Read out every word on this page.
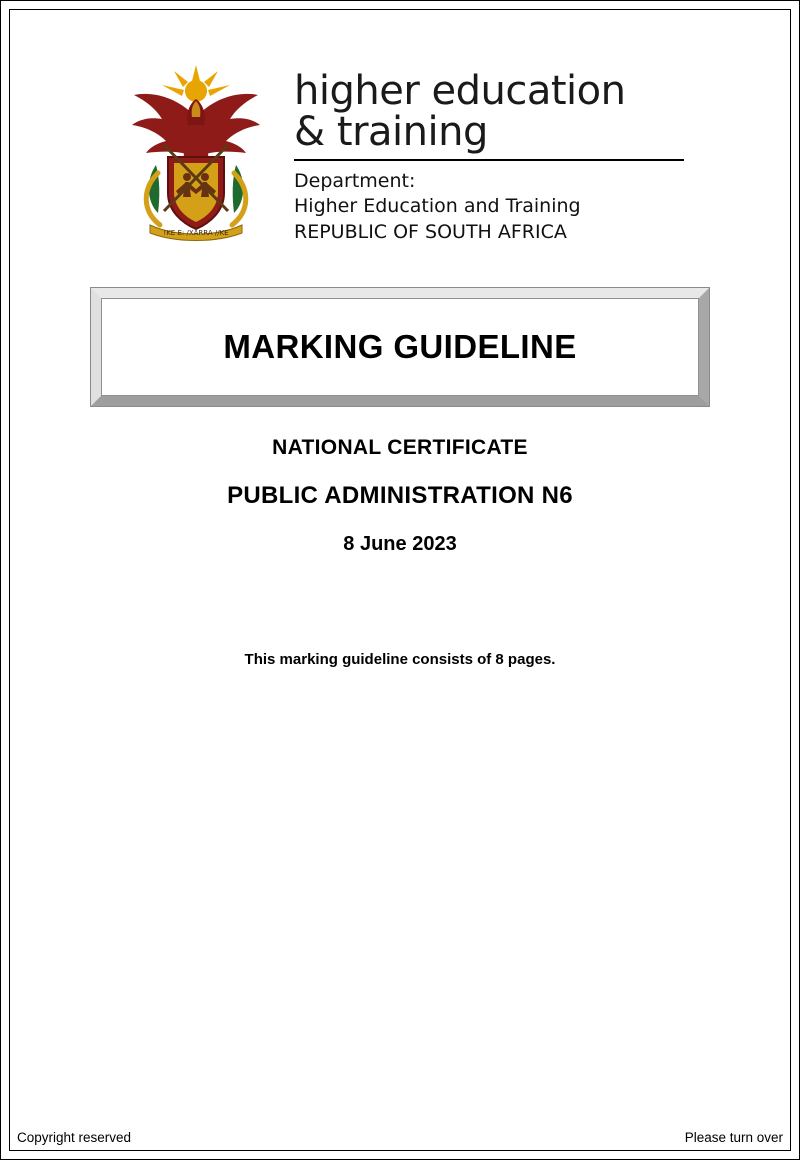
!KE E: /XARRA //KE
higher education
& training
Department:
Higher Education and Training
REPUBLIC OF SOUTH AFRICA
MARKING GUIDELINE
NATIONAL CERTIFICATE
PUBLIC ADMINISTRATION N6
8 June 2023
This marking guideline consists of 8 pages.
Copyright reserved	Please turn over
